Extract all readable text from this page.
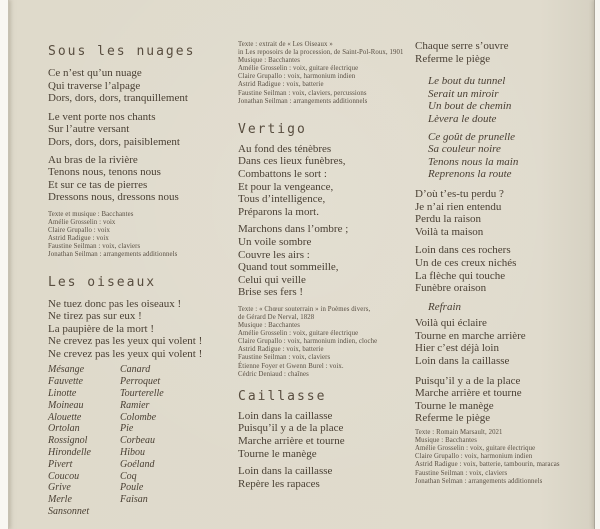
Sous les nuages
Ce n’est qu’un nuage
Qui traverse l’alpage
Dors, dors, dors, tranquillement
Le vent porte nos chants
Sur l’autre versant
Dors, dors, dors, paisiblement
Au bras de la rivière
Tenons nous, tenons nous
Et sur ce tas de pierres
Dressons nous, dressons nous
Texte et musique : Bacchantes
Amélie Grosselin : voix
Claire Grupallo : voix
Astrid Radigue : voix
Faustine Seilman : voix, claviers
Jonathan Seilman : arrangements additionnels
Les oiseaux
Ne tuez donc pas les oiseaux !
Ne tirez pas sur eux !
La paupière de la mort !
Ne crevez pas les yeux qui volent !
Ne crevez pas les yeux qui volent !
Mésange
Fauvette
Linotte
Moineau
Alouette
Ortolan
Rossignol
Hirondelle
Pivert
Coucou
Grive
Merle
Sansonnet
Canard
Perroquet
Tourterelle
Ramier
Colombe
Pie
Corbeau
Hibou
Goéland
Coq
Poule
Faisan
Texte : extrait de « Les Oiseaux »
in Les reposoirs de la procession, de Saint-Pol-Roux, 1901
Musique : Bacchantes
Amélie Grosselin : voix, guitare électrique
Claire Grupallo : voix, harmonium indien
Astrid Radigue : voix, batterie
Faustine Seilman : voix, claviers, percussions
Jonathan Seilman : arrangements additionnels
Vertigo
Au fond des ténèbres
Dans ces lieux funèbres,
Combattons le sort :
Et pour la vengeance,
Tous d’intelligence,
Préparons la mort.
Marchons dans l’ombre ;
Un voile sombre
Couvre les airs :
Quand tout sommeille,
Celui qui veille
Brise ses fers !
Texte : « Chœur souterrain » in Poèmes divers,
de Gérard De Nerval, 1828
Musique : Bacchantes
Amélie Grosselin : voix, guitare électrique
Claire Grupallo : voix, harmonium indien, cloche
Astrid Radigue : voix, batterie
Faustine Seilman : voix, claviers
Étienne Foyer et Gwenn Burel : voix.
Cédric Deniaud : chaînes
Caillasse
Loin dans la caillasse
Puisqu’il y a de la place
Marche arrière et tourne
Tourne le manège
Loin dans la caillasse
Repère les rapaces
Chaque serre s’ouvre
Referme le piège
Le bout du tunnel
Serait un miroir
Un bout de chemin
Lèvera le doute
Ce goût de prunelle
Sa couleur noire
Tenons nous la main
Reprenons la route
D’où t’es-tu perdu ?
Je n’ai rien entendu
Perdu la raison
Voilà ta maison
Loin dans ces rochers
Un de ces creux nichés
La flèche qui touche
Funèbre oraison
Refrain
Voilà qui éclaire
Tourne en marche arrière
Hier c’est déjà loin
Loin dans la caillasse
Puisqu’il y a de la place
Marche arrière et tourne
Tourne le manège
Referme le piège
Texte : Romain Marsault, 2021
Musique : Bacchantes
Amélie Grosselin : voix, guitare électrique
Claire Grupallo : voix, harmonium indien
Astrid Radigue : voix, batterie, tambourin, maracas
Faustine Seilman : voix, claviers
Jonathan Selman : arrangements additionnels
